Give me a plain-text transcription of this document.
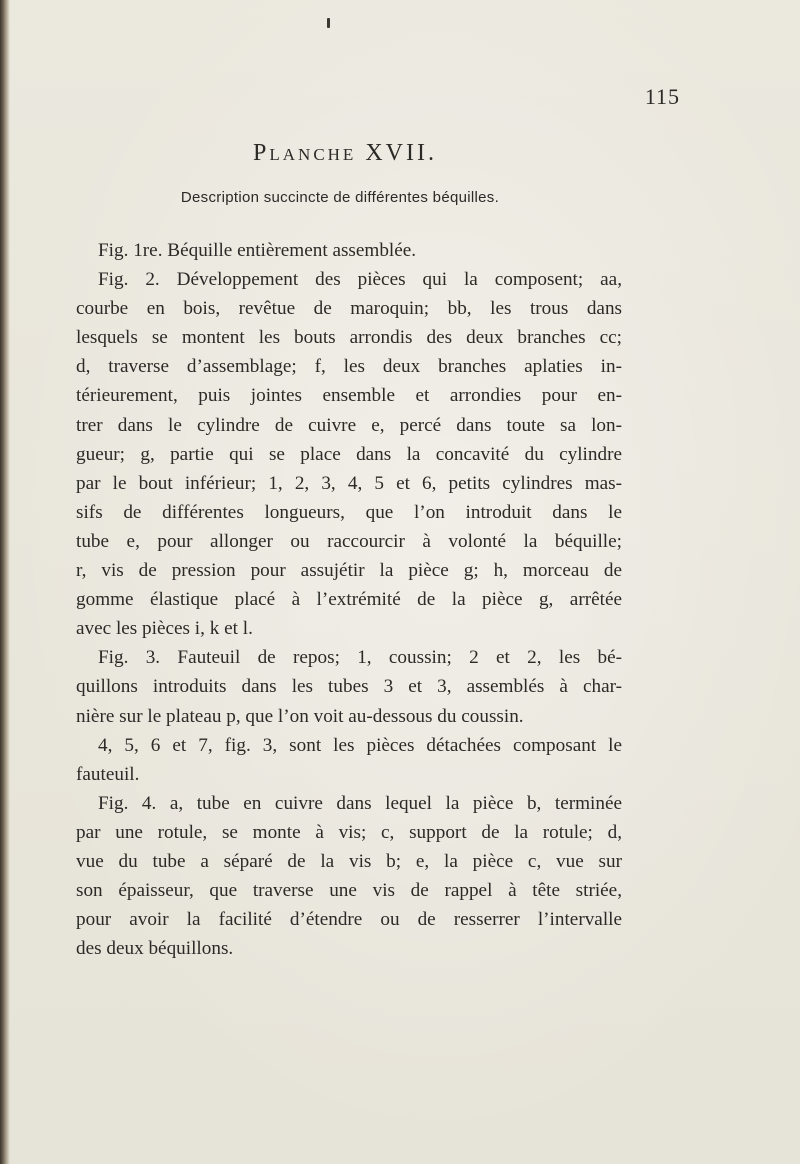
115
Planche XVII.
Description succincte de différentes béquilles.
Fig. 1re. Béquille entièrement assemblée.
Fig. 2. Développement des pièces qui la composent; aa,
courbe en bois, revêtue de maroquin; bb, les trous dans
lesquels se montent les bouts arrondis des deux branches cc;
d, traverse d’assemblage; f, les deux branches aplaties in-
térieurement, puis jointes ensemble et arrondies pour en-
trer dans le cylindre de cuivre e, percé dans toute sa lon-
gueur; g, partie qui se place dans la concavité du cylindre
par le bout inférieur; 1, 2, 3, 4, 5 et 6, petits cylindres mas-
sifs de différentes longueurs, que l’on introduit dans le
tube e, pour allonger ou raccourcir à volonté la béquille;
r, vis de pression pour assujétir la pièce g; h, morceau de
gomme élastique placé à l’extrémité de la pièce g, arrêtée
avec les pièces i, k et l.
Fig. 3. Fauteuil de repos; 1, coussin; 2 et 2, les bé-
quillons introduits dans les tubes 3 et 3, assemblés à char-
nière sur le plateau p, que l’on voit au-dessous du coussin.
4, 5, 6 et 7, fig. 3, sont les pièces détachées composant le
fauteuil.
Fig. 4. a, tube en cuivre dans lequel la pièce b, terminée
par une rotule, se monte à vis; c, support de la rotule; d,
vue du tube a séparé de la vis b; e, la pièce c, vue sur
son épaisseur, que traverse une vis de rappel à tête striée,
pour avoir la facilité d’étendre ou de resserrer l’intervalle
des deux béquillons.
